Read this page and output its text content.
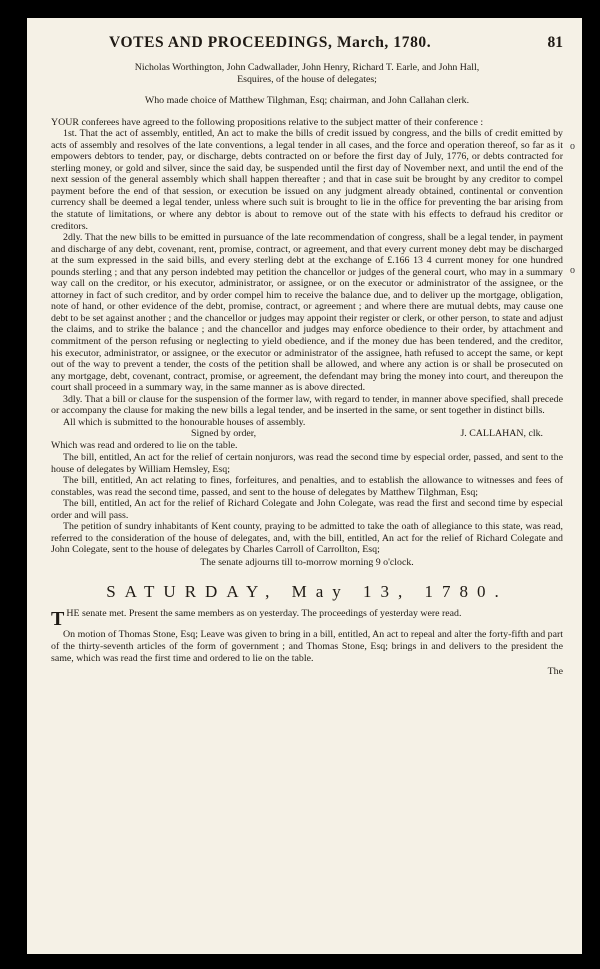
o
o
VOTES AND PROCEEDINGS, March, 1780.	81

Nicholas Worthington, John Cadwallader, John Henry, Richard T. Earle, and John Hall,

Esquires, of the house of delegates;

Who made choice of Matthew Tilghman, Esq; chairman, and John Callahan clerk.

YOUR conferees have agreed to the following propositions relative to the subject matter of their conference :

1st. That the act of assembly, entitled, An act to make the bills of credit issued by congress, and the bills of credit emitted by acts of assembly and resolves of the late conventions, a legal tender in all cases, and the force and operation thereof, so far as it empowers debtors to tender, pay, or discharge, debts contracted on or before the first day of July, 1776, or debts contracted for sterling money, or gold and silver, since the said day, be suspended until the first day of November next, and until the end of the next session of the general assembly which shall happen thereafter ; and that in case suit be brought by any creditor to compel payment before the end of that session, or execution be issued on any judgment already obtained, continental or convention currency shall be deemed a legal tender, unless where such suit is brought to lie in the office for preventing the bar arising from the statute of limitations, or where any debtor is about to remove out of the state with his effects to defraud his creditor or creditors.

2dly. That the new bills to be emitted in pursuance of the late recommendation of congress, shall be a legal tender, in payment and discharge of any debt, covenant, rent, promise, contract, or agreement, and that every current money debt may be discharged at the sum expressed in the said bills, and every sterling debt at the exchange of £.166 13 4 current money for one hundred pounds sterling ; and that any person indebted may petition the chancellor or judges of the general court, who may in a summary way call on the creditor, or his executor, administrator, or assignee, or on the executor or administrator of the assignee, or the attorney in fact of such creditor, and by order compel him to receive the balance due, and to deliver up the mortgage, obligation, note of hand, or other evidence of the debt, promise, contract, or agreement ; and where there are mutual debts, may cause one debt to be set against another ; and the chancellor or judges may appoint their register or clerk, or other person, to state and adjust the claims, and to strike the balance ; and the chancellor and judges may enforce obedience to their order, by attachment and commitment of the person refusing or neglecting to yield obedience, and if the money due has been tendered, and the creditor, his executor, administrator, or assignee, or the executor or administrator of the assignee, hath refused to accept the same, or kept out of the way to prevent a tender, the costs of the petition shall be allowed, and where any action is or shall be prosecuted on any mortgage, debt, covenant, contract, promise, or agreement, the defendant may bring the money into court, and thereupon the court shall proceed in a summary way, in the same manner as is above directed.

3dly. That a bill or clause for the suspension of the former law, with regard to tender, in manner above specified, shall precede or accompany the clause for making the new bills a legal tender, and be inserted in the same, or sent together in distinct bills.

All which is submitted to the honourable houses of assembly.

Signed by order,	J. CALLAHAN, clk.

Which was read and ordered to lie on the table.

The bill, entitled, An act for the relief of certain nonjurors, was read the second time by especial order, passed, and sent to the house of delegates by William Hemsley, Esq;

The bill, entitled, An act relating to fines, forfeitures, and penalties, and to establish the allowance to witnesses and fees of constables, was read the second time, passed, and sent to the house of delegates by Matthew Tilghman, Esq;

The bill, entitled, An act for the relief of Richard Colegate and John Colegate, was read the first and second time by especial order and will pass.

The petition of sundry inhabitants of Kent county, praying to be admitted to take the oath of allegiance to this state, was read, referred to the consideration of the house of delegates, and, with the bill, entitled, An act for the relief of Richard Colegate and John Colegate, sent to the house of delegates by Charles Carroll of Carrollton, Esq;

The senate adjourns till to-morrow morning 9 o'clock.

SATURDAY, May 13, 1780.

THE senate met. Present the same members as on yesterday. The proceedings of yesterday were read.

On motion of Thomas Stone, Esq; Leave was given to bring in a bill, entitled, An act to repeal and alter the forty-fifth and part of the thirty-seventh articles of the form of government ; and Thomas Stone, Esq; brings in and delivers to the president the same, which was read the first time and ordered to lie on the table.

The
